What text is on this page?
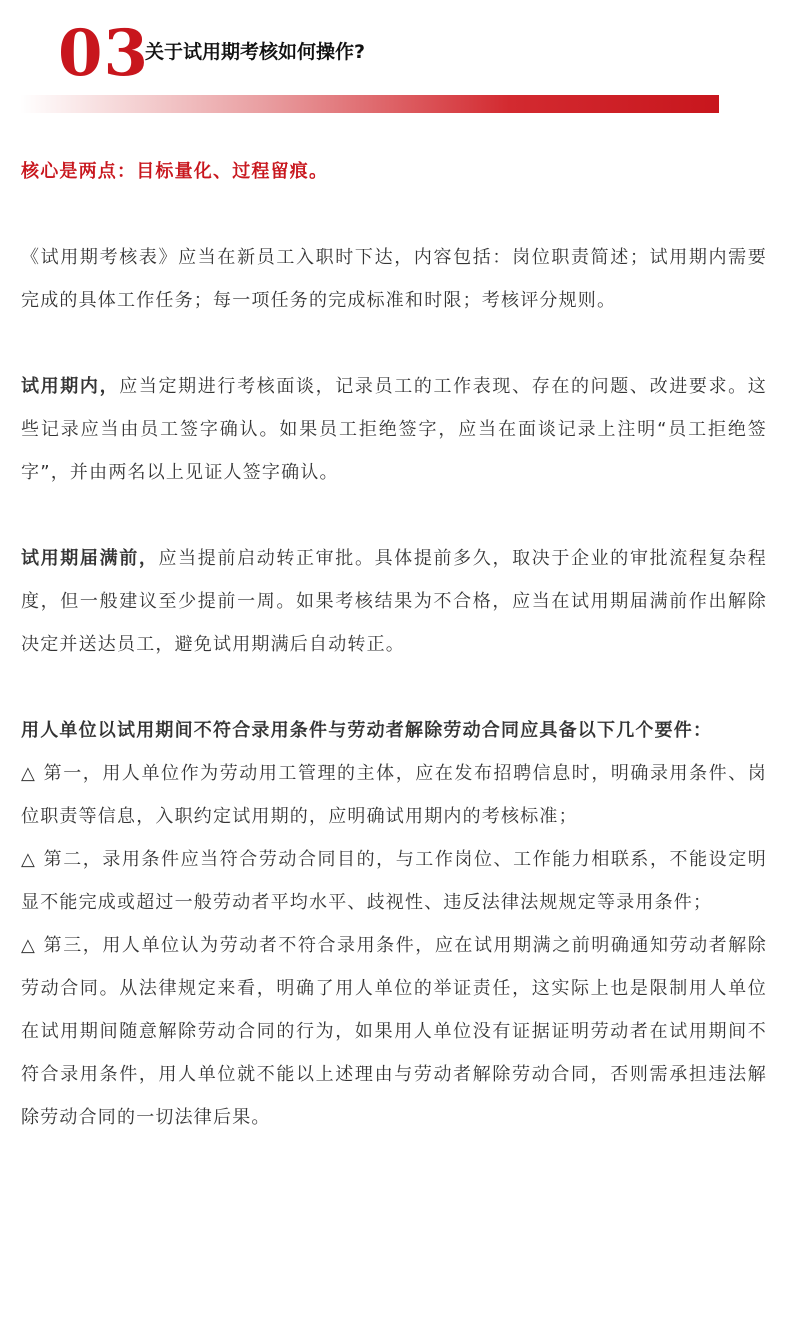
03
关于试用期考核如何操作?

核心是两点：目标量化、过程留痕。

《试用期考核表》应当在新员工入职时下达，内容包括：岗位职责简述；试用期内需要完成的具体工作任务；每一项任务的完成标准和时限；考核评分规则。

试用期内，应当定期进行考核面谈，记录员工的工作表现、存在的问题、改进要求。这些记录应当由员工签字确认。如果员工拒绝签字，应当在面谈记录上注明“员工拒绝签字”，并由两名以上见证人签字确认。

试用期届满前，应当提前启动转正审批。具体提前多久，取决于企业的审批流程复杂程度，但一般建议至少提前一周。如果考核结果为不合格，应当在试用期届满前作出解除决定并送达员工，避免试用期满后自动转正。

用人单位以试用期间不符合录用条件与劳动者解除劳动合同应具备以下几个要件：

△ 第一，用人单位作为劳动用工管理的主体，应在发布招聘信息时，明确录用条件、岗位职责等信息，入职约定试用期的，应明确试用期内的考核标准；

△ 第二，录用条件应当符合劳动合同目的，与工作岗位、工作能力相联系，不能设定明显不能完成或超过一般劳动者平均水平、歧视性、违反法律法规规定等录用条件；

△ 第三，用人单位认为劳动者不符合录用条件，应在试用期满之前明确通知劳动者解除劳动合同。从法律规定来看，明确了用人单位的举证责任，这实际上也是限制用人单位在试用期间随意解除劳动合同的行为，如果用人单位没有证据证明劳动者在试用期间不符合录用条件，用人单位就不能以上述理由与劳动者解除劳动合同，否则需承担违法解除劳动合同的一切法律后果。
